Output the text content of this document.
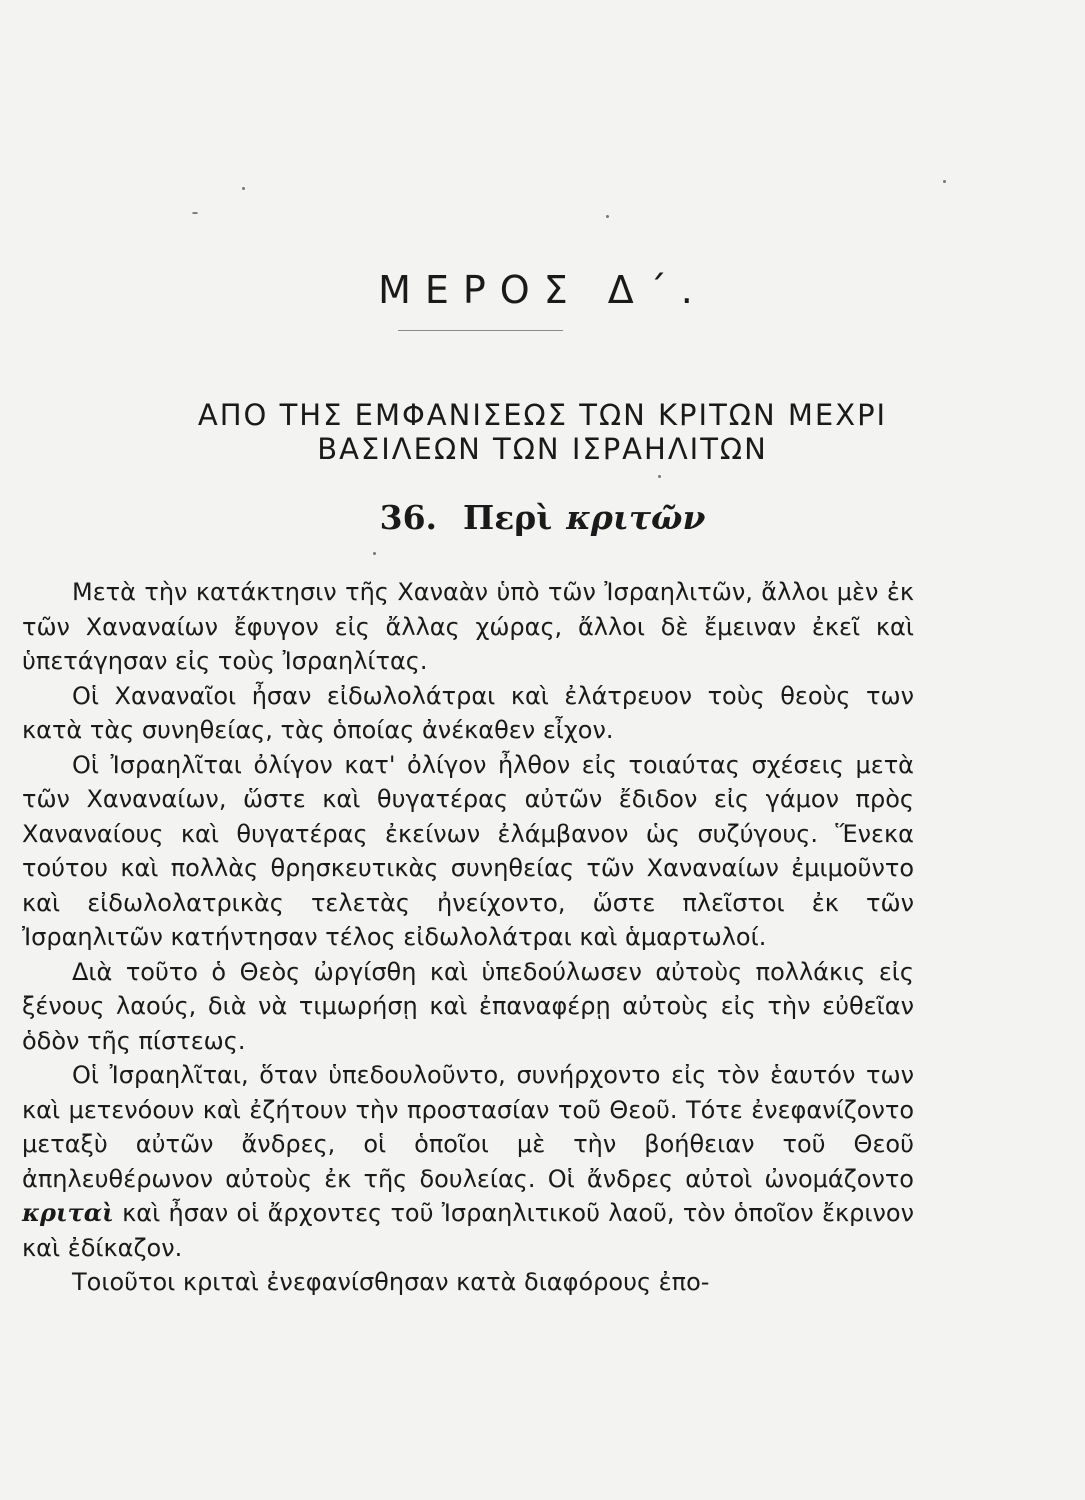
ΜΕΡΟΣ Δ΄.
ΑΠΟ ΤΗΣ ΕΜΦΑΝΙΣΕΩΣ ΤΩΝ ΚΡΙΤΩΝ ΜΕΧΡΙ
ΒΑΣΙΛΕΩΝ ΤΩΝ ΙΣΡΑΗΛΙΤΩΝ
36. Περὶ κριτῶν

Μετὰ τὴν κατάκτησιν τῆς Χαναὰν ὑπὸ τῶν Ἰσραηλιτῶν, ἄλλοι μὲν ἐκ τῶν Χαναναίων ἔφυγον εἰς ἄλλας χώρας, ἄλλοι δὲ ἔμειναν ἐκεῖ καὶ ὑπετάγησαν εἰς τοὺς Ἰσραηλίτας.

Οἱ Χαναναῖοι ἦσαν εἰδωλολάτραι καὶ ἐλάτρευον τοὺς θεοὺς των κατὰ τὰς συνηθείας, τὰς ὁποίας ἀνέκαθεν εἶχον.

Οἱ Ἰσραηλῖται ὀλίγον κατ' ὀλίγον ἦλθον εἰς τοιαύτας σχέσεις μετὰ τῶν Χαναναίων, ὥστε καὶ θυγατέρας αὐτῶν ἔδιδον εἰς γάμον πρὸς Χαναναίους καὶ θυγατέρας ἐκείνων ἐλάμβανον ὡς συζύγους. Ἕνεκα τούτου καὶ πολλὰς θρησκευτικὰς συνηθείας τῶν Χαναναίων ἐμιμοῦντο καὶ εἰδωλολατρικὰς τελετὰς ἠνείχοντο, ὥστε πλεῖστοι ἐκ τῶν Ἰσραηλιτῶν κατήντησαν τέλος εἰδωλολάτραι καὶ ἁμαρτωλοί.

Διὰ τοῦτο ὁ Θεὸς ὠργίσθη καὶ ὑπεδούλωσεν αὐτοὺς πολλάκις εἰς ξένους λαούς, διὰ νὰ τιμωρήσῃ καὶ ἐπαναφέρῃ αὐτοὺς εἰς τὴν εὐθεῖαν ὁδὸν τῆς πίστεως.

Οἱ Ἰσραηλῖται, ὅταν ὑπεδουλοῦντο, συνήρχοντο εἰς τὸν ἑαυτόν των καὶ μετενόουν καὶ ἐζήτουν τὴν προστασίαν τοῦ Θεοῦ. Τότε ἐνεφανίζοντο μεταξὺ αὐτῶν ἄνδρες, οἱ ὁποῖοι μὲ τὴν βοήθειαν τοῦ Θεοῦ ἀπηλευθέρωνον αὐτοὺς ἐκ τῆς δουλείας. Οἱ ἄνδρες αὐτοὶ ὠνομάζοντο κριταὶ καὶ ἦσαν οἱ ἄρχοντες τοῦ Ἰσραηλιτικοῦ λαοῦ, τὸν ὁποῖον ἔκρινον καὶ ἐδίκαζον.

Τοιοῦτοι κριταὶ ἐνεφανίσθησαν κατὰ διαφόρους ἐπο-
